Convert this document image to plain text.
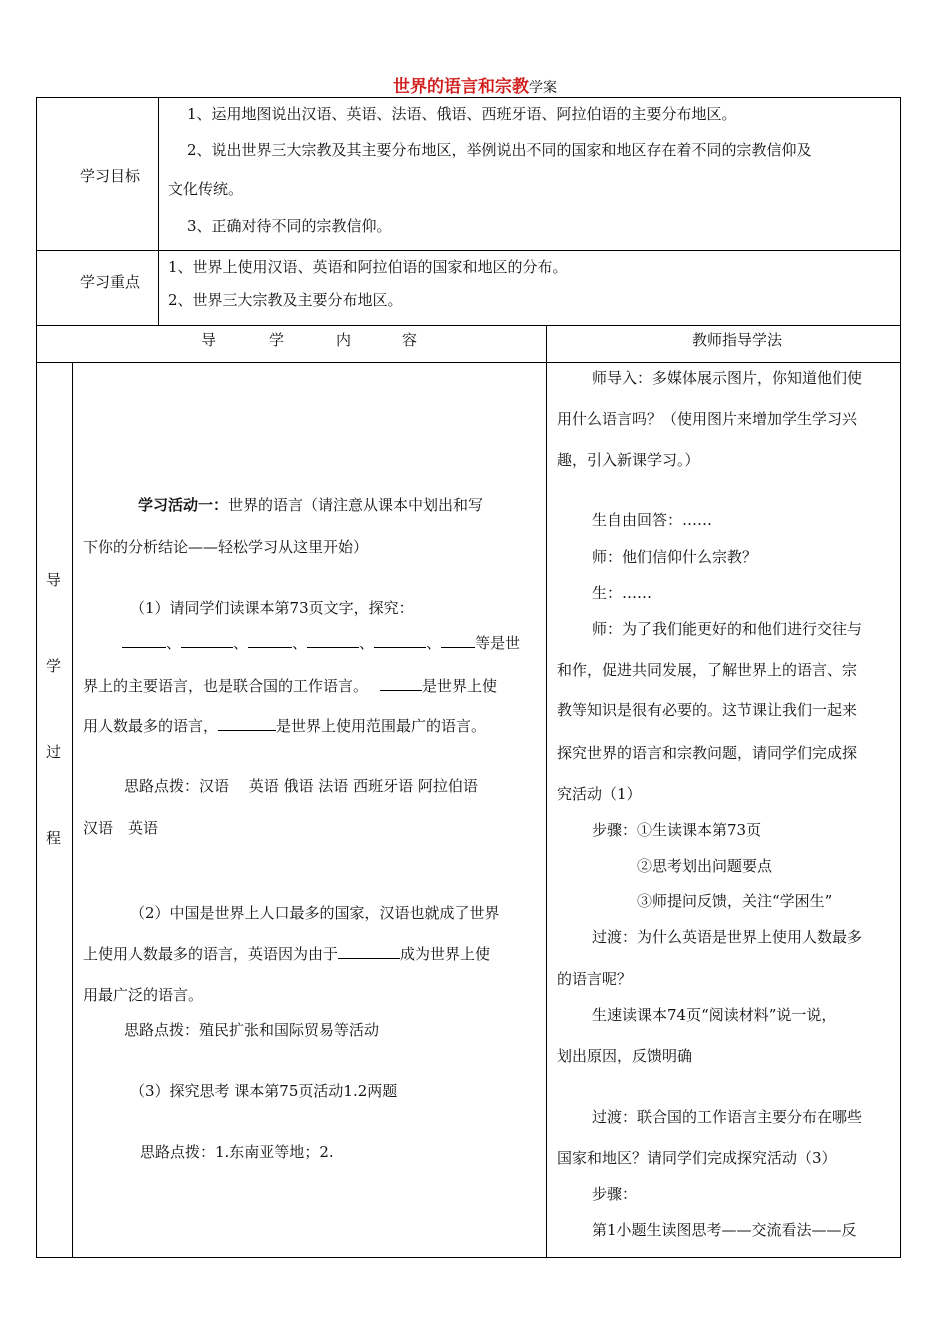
世界的语言和宗教学案
学习目标
1、运用地图说出汉语、英语、法语、俄语、西班牙语、阿拉伯语的主要分布地区。
2、说出世界三大宗教及其主要分布地区，举例说出不同的国家和地区存在着不同的宗教信仰及
文化传统。
3、正确对待不同的宗教信仰。
学习重点
1、世界上使用汉语、英语和阿拉伯语的国家和地区的分布。
2、世界三大宗教及主要分布地区。
导	学	内	容	教师指导学法
导
学
过
程
学习活动一：世界的语言（请注意从课本中划出和写
下你的分析结论——轻松学习从这里开始）
（1）请同学们读课本第73页文字，探究：
、	、	、	、	、 等是世
界上的主要语言，也是联合国的工作语言。	是世界上使
用人数最多的语言，	是世界上使用范围最广的语言。
思路点拨：汉语　 英语 俄语 法语 西班牙语 阿拉伯语
汉语　英语
（2）中国是世界上人口最多的国家，汉语也就成了世界
上使用人数最多的语言，英语因为由于	成为世界上使
用最广泛的语言。
思路点拨：殖民扩张和国际贸易等活动
（3）探究思考 课本第75页活动1.2两题
思路点拨：1.东南亚等地；2.
师导入：多媒体展示图片，你知道他们使
用什么语言吗？（使用图片来增加学生学习兴
趣，引入新课学习。）
生自由回答：……
师：他们信仰什么宗教？
生：……
师：为了我们能更好的和他们进行交往与
和作，促进共同发展，了解世界上的语言、宗
教等知识是很有必要的。这节课让我们一起来
探究世界的语言和宗教问题，请同学们完成探
究活动（1）
步骤：①生读课本第73页
②思考划出问题要点
③师提问反馈，关注“学困生”
过渡：为什么英语是世界上使用人数最多
的语言呢？
生速读课本74页“阅读材料”说一说，
划出原因，反馈明确
过渡：联合国的工作语言主要分布在哪些
国家和地区？请同学们完成探究活动（3）
步骤：
第1小题生读图思考——交流看法——反
